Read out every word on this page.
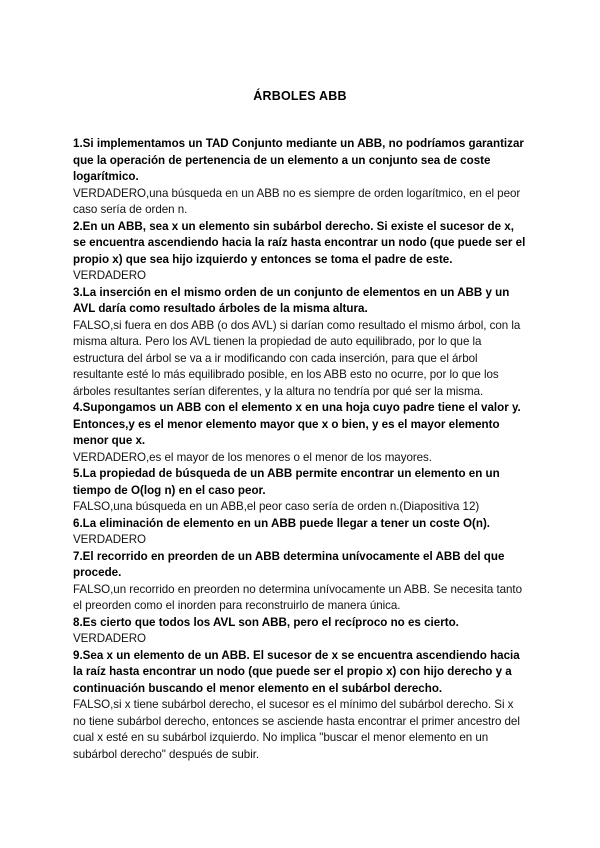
ÁRBOLES ABB

1.Si implementamos un TAD Conjunto mediante un ABB, no podríamos garantizar que la operación de pertenencia de un elemento a un conjunto sea de coste logarítmico.

VERDADERO,una búsqueda en un ABB no es siempre de orden logarítmico, en el peor caso sería de orden n.

2.En un ABB, sea x un elemento sin subárbol derecho. Si existe el sucesor de x, se encuentra ascendiendo hacia la raíz hasta encontrar un nodo (que puede ser el propio x) que sea hijo izquierdo y entonces se toma el padre de este.

VERDADERO

3.La inserción en el mismo orden de un conjunto de elementos en un ABB y un AVL daría como resultado árboles de la misma altura.

FALSO,si fuera en dos ABB (o dos AVL) si darían como resultado el mismo árbol, con la misma altura. Pero los AVL tienen la propiedad de auto equilibrado, por lo que la estructura del árbol se va a ir modificando con cada inserción, para que el árbol resultante esté lo más equilibrado posible, en los ABB esto no ocurre, por lo que los árboles resultantes serían diferentes, y la altura no tendría por qué ser la misma.

4.Supongamos un ABB con el elemento x en una hoja cuyo padre tiene el valor y. Entonces,y es el menor elemento mayor que x o bien, y es el mayor elemento menor que x.

VERDADERO,es el mayor de los menores o el menor de los mayores.

5.La propiedad de búsqueda de un ABB permite encontrar un elemento en un tiempo de O(log n) en el caso peor.

FALSO,una búsqueda en un ABB,el peor caso sería de orden n.(Diapositiva 12)

6.La eliminación de elemento en un ABB puede llegar a tener un coste O(n).

VERDADERO

7.El recorrido en preorden de un ABB determina unívocamente el ABB del que procede.

FALSO,un recorrido en preorden no determina unívocamente un ABB. Se necesita tanto el preorden como el inorden para reconstruirlo de manera única.

8.Es cierto que todos los AVL son ABB, pero el recíproco no es cierto.

VERDADERO

9.Sea x un elemento de un ABB. El sucesor de x se encuentra ascendiendo hacia la raíz hasta encontrar un nodo (que puede ser el propio x) con hijo derecho y a continuación buscando el menor elemento en el subárbol derecho.

FALSO,si x tiene subárbol derecho, el sucesor es el mínimo del subárbol derecho. Si x no tiene subárbol derecho, entonces se asciende hasta encontrar el primer ancestro del cual x esté en su subárbol izquierdo. No implica "buscar el menor elemento en un subárbol derecho" después de subir.
